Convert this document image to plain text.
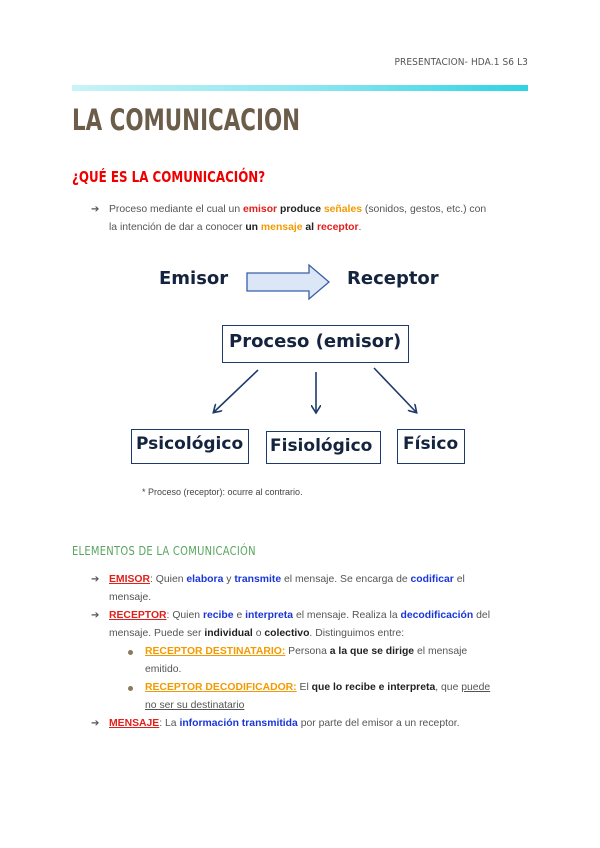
PRESENTACION- HDA.1 S6 L3
LA COMUNICACION
¿QUÉ ES LA COMUNICACIÓN?
➔ Proceso mediante el cual un emisor produce señales (sonidos, gestos, etc.) con
la intención de dar a conocer un mensaje al receptor.
Emisor	Receptor
Proceso (emisor)
Psicológico Fisiológico Físico
* Proceso (receptor): ocurre al contrario.
ELEMENTOS DE LA COMUNICACIÓN
➔ EMISOR: Quien elabora y transmite el mensaje. Se encarga de codificar el
mensaje.
➔ RECEPTOR: Quien recibe e interpreta el mensaje. Realiza la decodificación del
mensaje. Puede ser individual o colectivo. Distinguimos entre:
RECEPTOR DESTINATARIO: Persona a la que se dirige el mensaje
emitido.
RECEPTOR DECODIFICADOR: El que lo recibe e interpreta, que puede
no ser su destinatario
➔ MENSAJE: La información transmitida por parte del emisor a un receptor.
